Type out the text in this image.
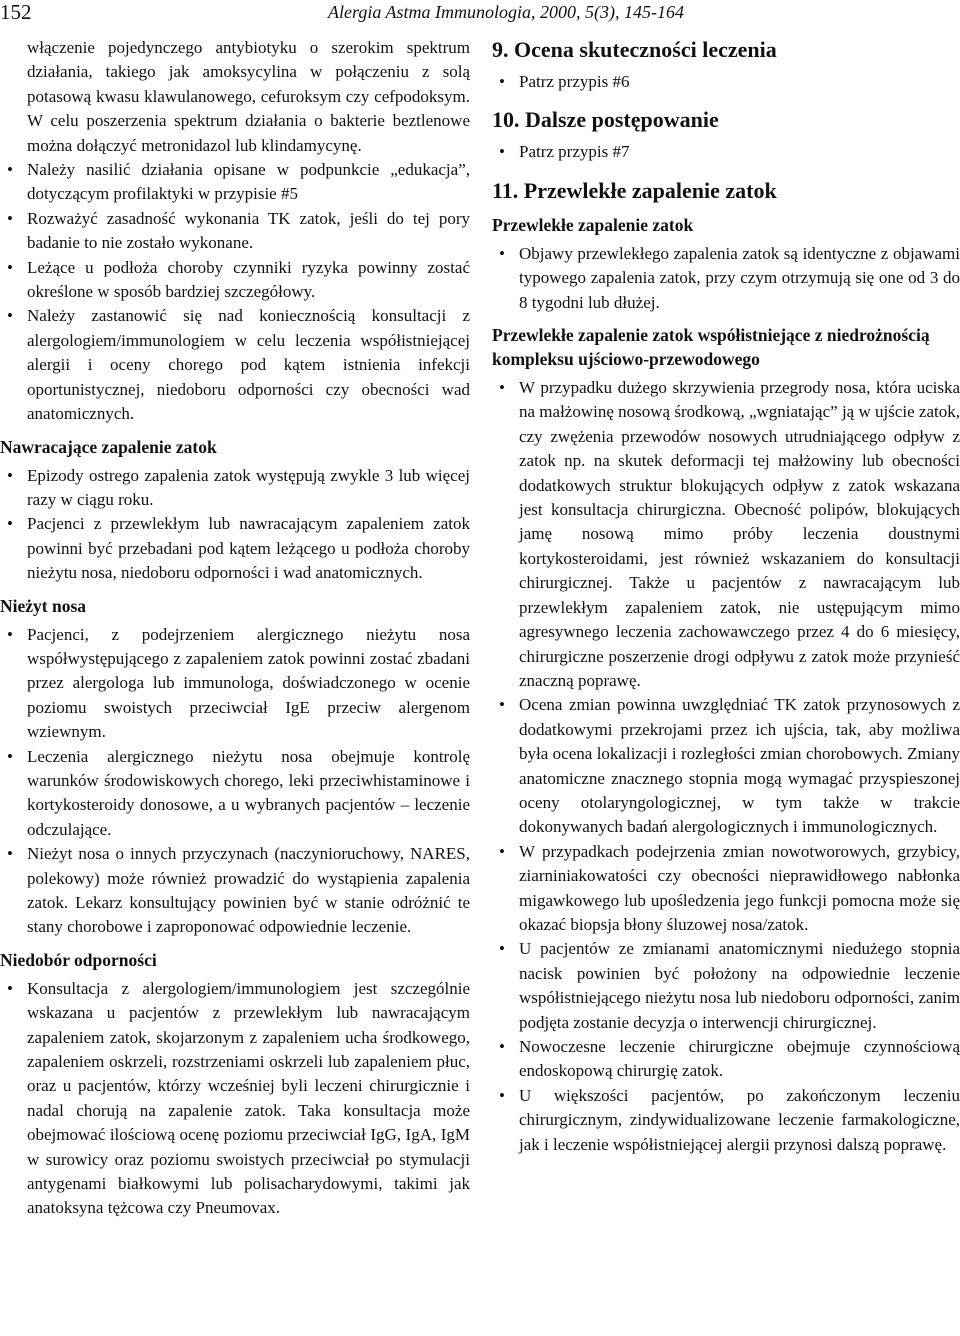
152	Alergia Astma Immunologia, 2000, 5(3), 145-164

włączenie pojedynczego antybiotyku o szerokim spektrum działania, takiego jak amoksycylina w połączeniu z solą potasową kwasu klawulanowego, cefuroksym czy cefpodoksym. W celu poszerzenia spektrum działania o bakterie beztlenowe można dołączyć metronidazol lub klindamycynę.

• Należy nasilić działania opisane w podpunkcie „edukacja”, dotyczącym profilaktyki w przypisie #5
• Rozważyć zasadność wykonania TK zatok, jeśli do tej pory badanie to nie zostało wykonane.
• Leżące u podłoża choroby czynniki ryzyka powinny zostać określone w sposób bardziej szczegółowy.
• Należy zastanowić się nad koniecznością konsultacji z alergologiem/immunologiem w celu leczenia współistniejącej alergii i oceny chorego pod kątem istnienia infekcji oportunistycznej, niedoboru odporności czy obecności wad anatomicznych.
Nawracające zapalenie zatok
• Epizody ostrego zapalenia zatok występują zwykle 3 lub więcej razy w ciągu roku.
• Pacjenci z przewlekłym lub nawracającym zapaleniem zatok powinni być przebadani pod kątem leżącego u podłoża choroby nieżytu nosa, niedoboru odporności i wad anatomicznych.
Nieżyt nosa
• Pacjenci, z podejrzeniem alergicznego nieżytu nosa współwystępującego z zapaleniem zatok powinni zostać zbadani przez alergologa lub immunologa, doświadczonego w ocenie poziomu swoistych przeciwciał IgE przeciw alergenom wziewnym.
• Leczenia alergicznego nieżytu nosa obejmuje kontrolę warunków środowiskowych chorego, leki przeciwhistaminowe i kortykosteroidy donosowe, a u wybranych pacjentów – leczenie odczulające.
• Nieżyt nosa o innych przyczynach (naczynioruchowy, NARES, polekowy) może również prowadzić do wystąpienia zapalenia zatok. Lekarz konsultujący powinien być w stanie odróżnić te stany chorobowe i zaproponować odpowiednie leczenie.
Niedobór odporności
• Konsultacja z alergologiem/immunologiem jest szczególnie wskazana u pacjentów z przewlekłym lub nawracającym zapaleniem zatok, skojarzonym z zapaleniem ucha środkowego, zapaleniem oskrzeli, rozstrzeniami oskrzeli lub zapaleniem płuc, oraz u pacjentów, którzy wcześniej byli leczeni chirurgicznie i nadal chorują na zapalenie zatok. Taka konsultacja może obejmować ilościową ocenę poziomu przeciwciał IgG, IgA, IgM w surowicy oraz poziomu swoistych przeciwciał po stymulacji antygenami białkowymi lub polisacharydowymi, takimi jak anatoksyna tężcowa czy Pneumovax.
9. Ocena skuteczności leczenia
• Patrz przypis #6
10. Dalsze postępowanie
• Patrz przypis #7
11. Przewlekłe zapalenie zatok
Przewlekłe zapalenie zatok
• Objawy przewlekłego zapalenia zatok są identyczne z objawami typowego zapalenia zatok, przy czym otrzymują się one od 3 do 8 tygodni lub dłużej.
Przewlekłe zapalenie zatok współistniejące z niedrożnością kompleksu ujściowo-przewodowego
• W przypadku dużego skrzywienia przegrody nosa, która uciska na małżowinę nosową środkową, „wgniatając” ją w ujście zatok, czy zwężenia przewodów nosowych utrudniającego odpływ z zatok np. na skutek deformacji tej małżowiny lub obecności dodatkowych struktur blokujących odpływ z zatok wskazana jest konsultacja chirurgiczna. Obecność polipów, blokujących jamę nosową mimo próby leczenia doustnymi kortykosteroidami, jest również wskazaniem do konsultacji chirurgicznej. Także u pacjentów z nawracającym lub przewlekłym zapaleniem zatok, nie ustępującym mimo agresywnego leczenia zachowawczego przez 4 do 6 miesięcy, chirurgiczne poszerzenie drogi odpływu z zatok może przynieść znaczną poprawę.
• Ocena zmian powinna uwzględniać TK zatok przynosowych z dodatkowymi przekrojami przez ich ujścia, tak, aby możliwa była ocena lokalizacji i rozległości zmian chorobowych. Zmiany anatomiczne znacznego stopnia mogą wymagać przyspieszonej oceny otolaryngologicznej, w tym także w trakcie dokonywanych badań alergologicznych i immunologicznych.
• W przypadkach podejrzenia zmian nowotworowych, grzybicy, ziarniniakowatości czy obecności nieprawidłowego nabłonka migawkowego lub upośledzenia jego funkcji pomocna może się okazać biopsja błony śluzowej nosa/zatok.
• U pacjentów ze zmianami anatomicznymi niedużego stopnia nacisk powinien być położony na odpowiednie leczenie współistniejącego nieżytu nosa lub niedoboru odporności, zanim podjęta zostanie decyzja o interwencji chirurgicznej.
• Nowoczesne leczenie chirurgiczne obejmuje czynnościową endoskopową chirurgię zatok.
• U większości pacjentów, po zakończonym leczeniu chirurgicznym, zindywidualizowane leczenie farmakologiczne, jak i leczenie współistniejącej alergii przynosi dalszą poprawę.
